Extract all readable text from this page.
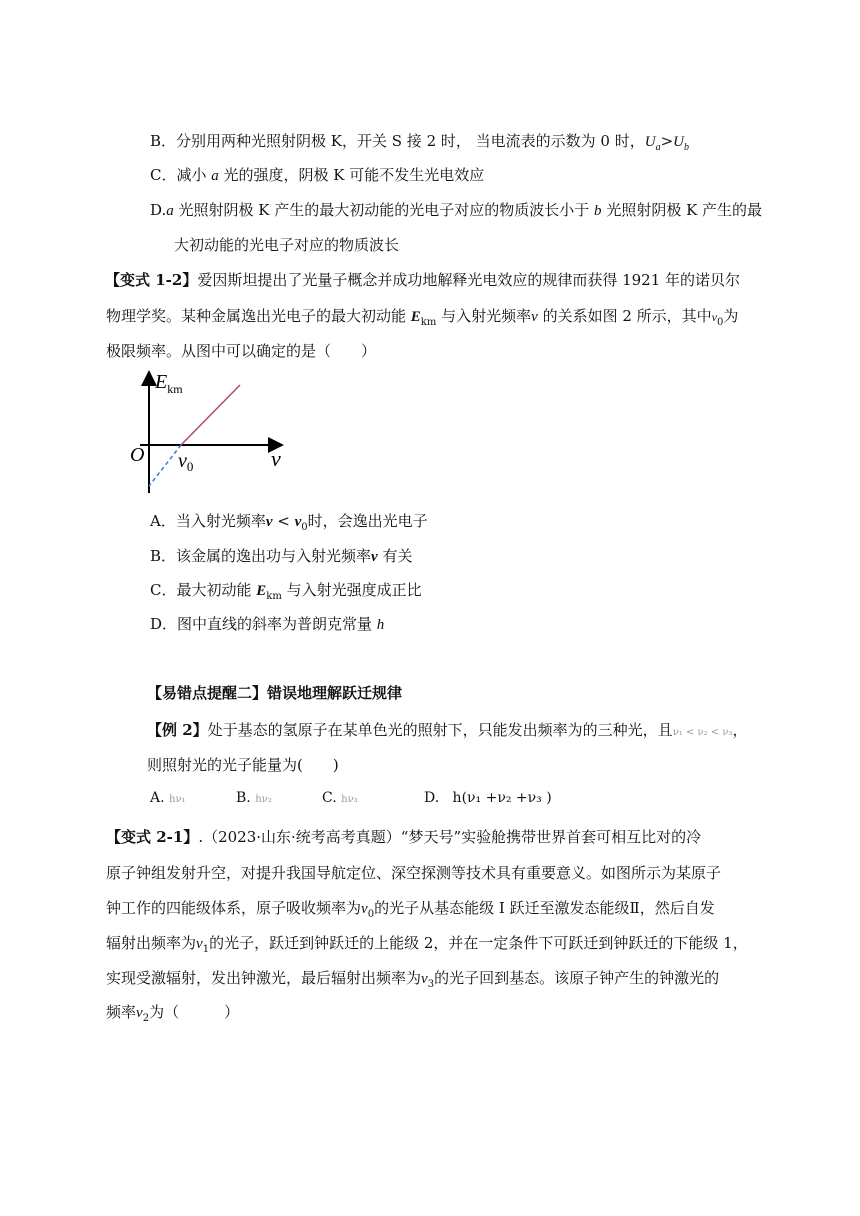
B．分别用两种光照射阴极 K，开关 S 接 2 时， 当电流表的示数为 0 时，$U_a>U_b$
C．减小 a 光的强度，阴极 K 可能不发生光电效应
D.a 光照射阴极 K 产生的最大初动能的光电子对应的物质波长小于 b 光照射阴极 K 产生的最
大初动能的光电子对应的物质波长
【变式 1-2】爱因斯坦提出了光量子概念并成功地解释光电效应的规律而获得 1921 年的诺贝尔
物理学奖。某种金属逸出光电子的最大初动能 $E_{km}$ 与入射光频率ν 的关系如图 2 所示，其中$\nu_0$为
极限频率。从图中可以确定的是（　　）
$E_{km}$
O $\nu_0$	ν
A．当入射光频率$\nu < \nu_0$时，会逸出光电子
B．该金属的逸出功与入射光频率ν 有关
C．最大初动能 $E_{km}$ 与入射光强度成正比
D．图中直线的斜率为普朗克常量 h
【易错点提醒二】错误地理解跃迁规律
【例 2】处于基态的氢原子在某单色光的照射下，只能发出频率为的三种光，且ν₁ < ν₂ < ν₃，
则照射光的光子能量为(　　)
A. hν₁	B. hν₂	C. hν₃	D. h(ν₁ +ν₂ +ν₃ )
【变式 2-1】.（2023·山东·统考高考真题）“梦天号”实验舱携带世界首套可相互比对的冷
原子钟组发射升空，对提升我国导航定位、深空探测等技术具有重要意义。如图所示为某原子
钟工作的四能级体系，原子吸收频率为$\nu_0$的光子从基态能级 I 跃迁至激发态能级Ⅱ，然后自发
辐射出频率为$\nu_1$的光子，跃迁到钟跃迁的上能级 2，并在一定条件下可跃迁到钟跃迁的下能级 1，
实现受激辐射，发出钟激光，最后辐射出频率为$\nu_3$的光子回到基态。该原子钟产生的钟激光的
频率$\nu_2$为（　　　）
